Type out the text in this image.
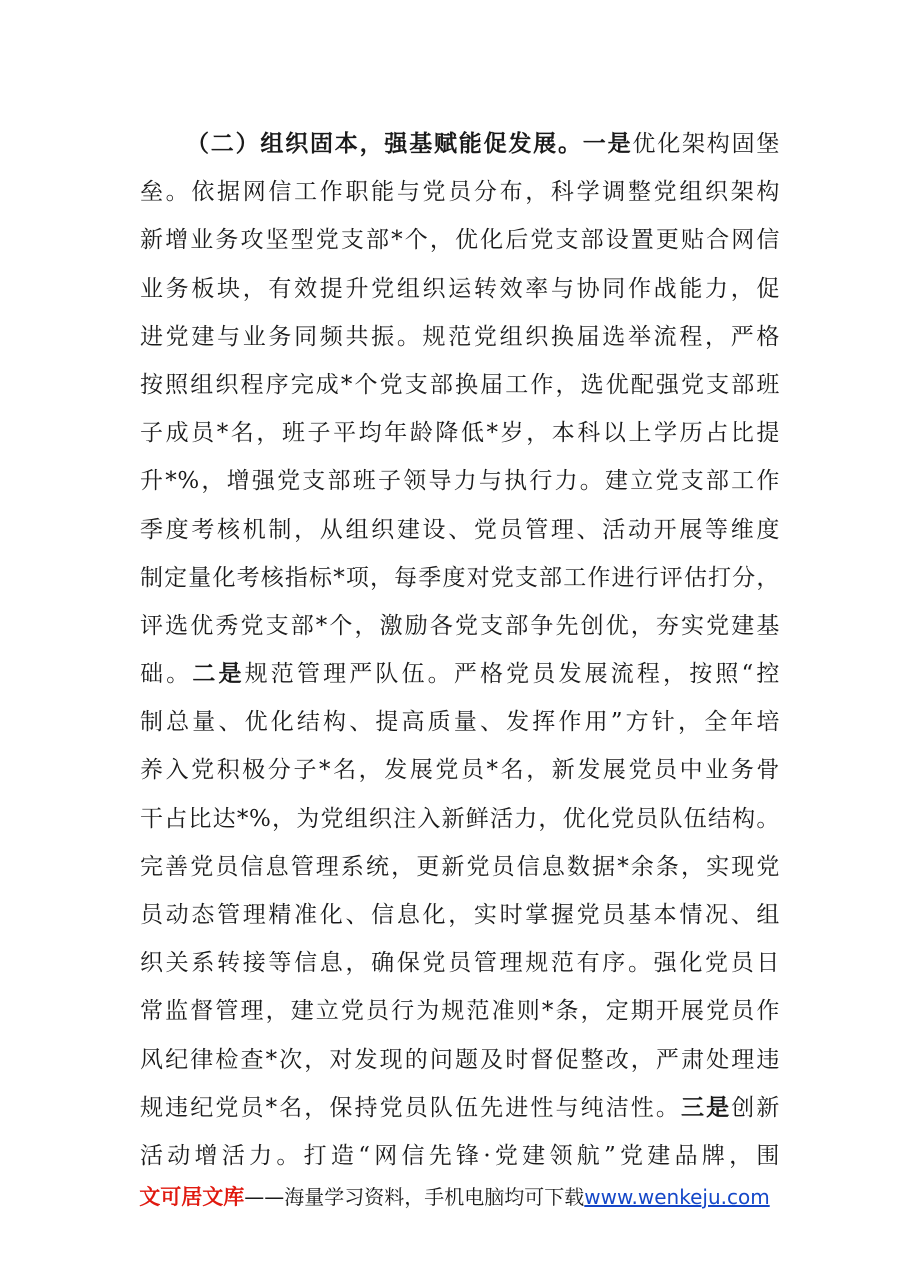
（二）组织固本，强基赋能促发展。一是优化架构固堡
垒。依据网信工作职能与党员分布，科学调整党组织架构
新增业务攻坚型党支部*个，优化后党支部设置更贴合网信
业务板块，有效提升党组织运转效率与协同作战能力，促
进党建与业务同频共振。规范党组织换届选举流程，严格
按照组织程序完成*个党支部换届工作，选优配强党支部班
子成员*名，班子平均年龄降低*岁，本科以上学历占比提
升*%，增强党支部班子领导力与执行力。建立党支部工作
季度考核机制，从组织建设、党员管理、活动开展等维度
制定量化考核指标*项，每季度对党支部工作进行评估打分，
评选优秀党支部*个，激励各党支部争先创优，夯实党建基
础。二是规范管理严队伍。严格党员发展流程，按照“控
制总量、优化结构、提高质量、发挥作用”方针，全年培
养入党积极分子*名，发展党员*名，新发展党员中业务骨
干占比达*%，为党组织注入新鲜活力，优化党员队伍结构。
完善党员信息管理系统，更新党员信息数据*余条，实现党
员动态管理精准化、信息化，实时掌握党员基本情况、组
织关系转接等信息，确保党员管理规范有序。强化党员日
常监督管理，建立党员行为规范准则*条，定期开展党员作
风纪律检查*次，对发现的问题及时督促整改，严肃处理违
规违纪党员*名，保持党员队伍先进性与纯洁性。三是创新
活动增活力。打造“网信先锋·党建领航”党建品牌，围
文可居文库——海量学习资料，手机电脑均可下载www.wenkeju.com
